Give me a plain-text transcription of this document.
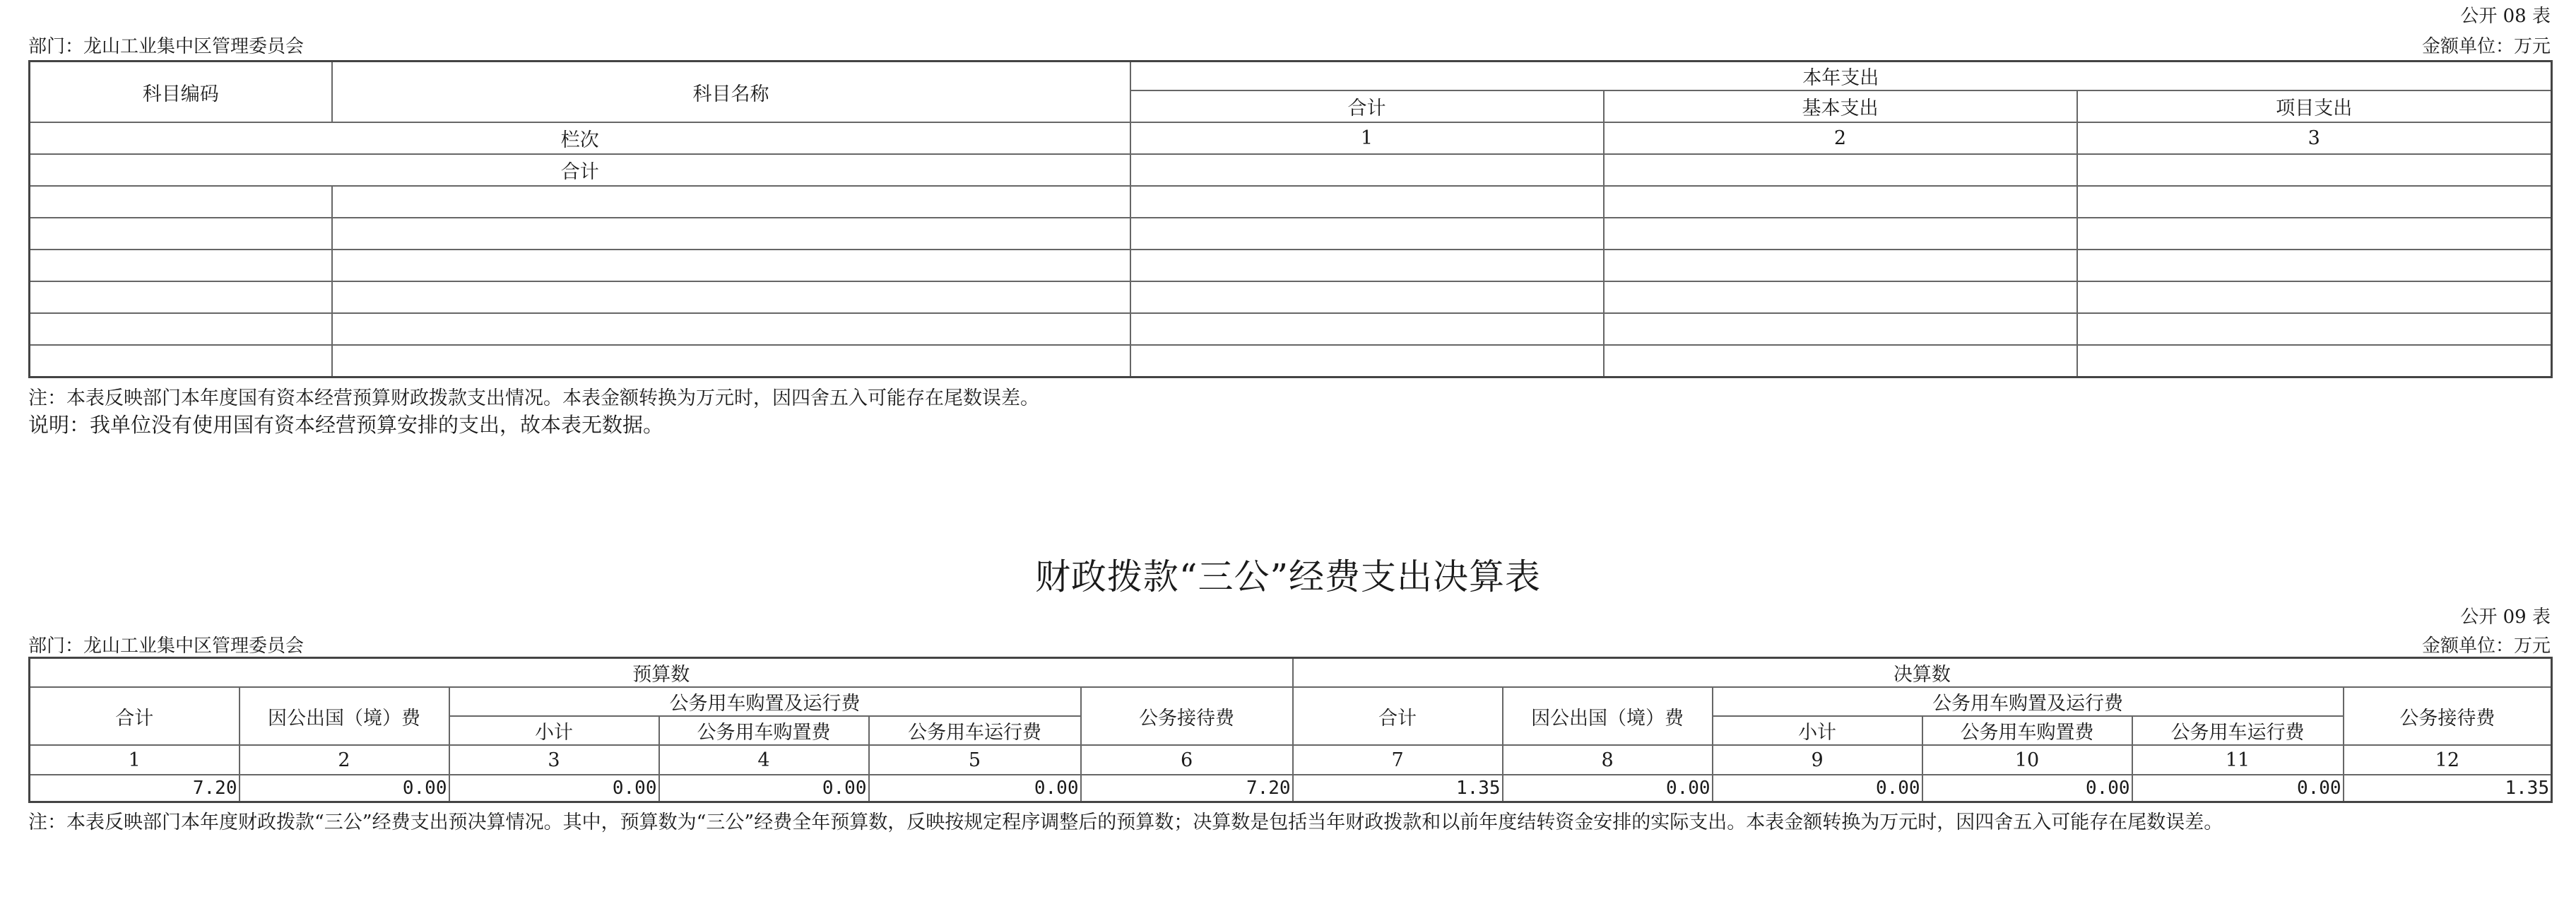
公开 08 表
部门：龙山工业集中区管理委员会	金额单位：万元
科目编码	科目名称	本年支出		
		合计	基本支出	项目支出
栏次		1	2	3
合计				

注：本表反映部门本年度国有资本经营预算财政拨款支出情况。本表金额转换为万元时，因四舍五入可能存在尾数误差。
说明：我单位没有使用国有资本经营预算安排的支出，故本表无数据。
财政拨款“三公”经费支出决算表
公开 09 表
部门：龙山工业集中区管理委员会	金额单位：万元
预算数						决算数					
合计	因公出国（境）费	公务用车购置及运行费			公务接待费	合计	因公出国（境）费	公务用车购置及运行费			公务接待费
		小计	公务用车购置费	公务用车运行费				小计	公务用车购置费	公务用车运行费	
1	2	3	4	5	6	7	8	9	10	11	12
7.20	0.00	0.00	0.00	0.00	7.20	1.35	0.00	0.00	0.00	0.00	1.35
注：本表反映部门本年度财政拨款“三公”经费支出预决算情况。其中，预算数为“三公”经费全年预算数，反映按规定程序调整后的预算数；决算数是包括当年财政拨款和以前年度结转资金安排的实际支出。本表金额转换为万元时，因四舍五入可能存在尾数误差。
